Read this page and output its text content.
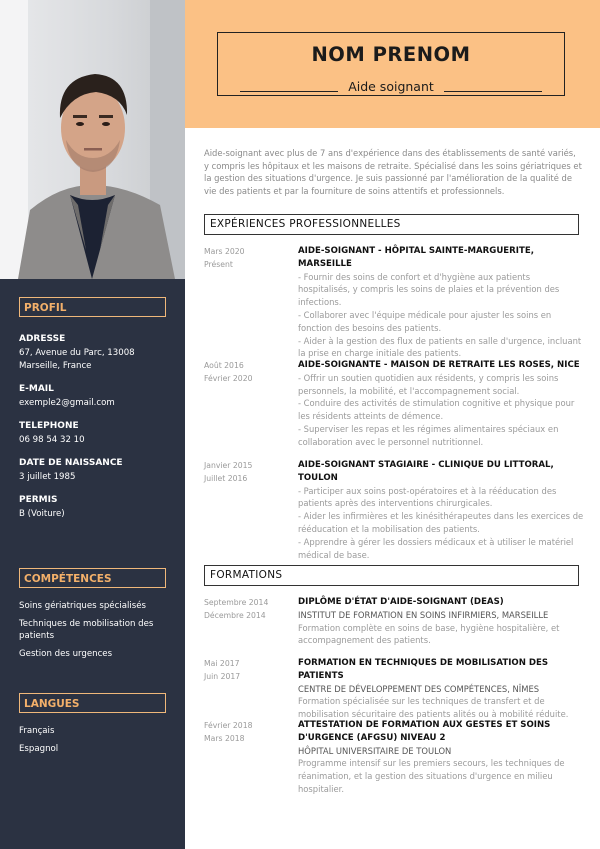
PROFIL
ADRESSE
67, Avenue du Parc, 13008
Marseille, France
E-MAIL
exemple2@gmail.com
TELEPHONE
06 98 54 32 10
DATE DE NAISSANCE
3 juillet 1985
PERMIS
B (Voiture)
COMPÉTENCES
Soins gériatriques spécialisés
Techniques de mobilisation des
patients
Gestion des urgences
LANGUES
Français
Espagnol
NOM PRENOM
Aide soignant
Aide-soignant avec plus de 7 ans d'expérience dans des établissements de santé variés, y compris les hôpitaux et les maisons de retraite. Spécialisé dans les soins gériatriques et la gestion des situations d'urgence. Je suis passionné par l'amélioration de la qualité de vie des patients et par la fourniture de soins attentifs et professionnels.
EXPÉRIENCES PROFESSIONNELLES
Mars 2020
Présent
AIDE-SOIGNANT - HÔPITAL SAINTE-MARGUERITE, MARSEILLE
- Fournir des soins de confort et d'hygiène aux patients
hospitalisés, y compris les soins de plaies et la prévention des
infections.
- Collaborer avec l'équipe médicale pour ajuster les soins en
fonction des besoins des patients.
- Aider à la gestion des flux de patients en salle d'urgence, incluant
la prise en charge initiale des patients.
Août 2016
Février 2020
AIDE-SOIGNANTE - MAISON DE RETRAITE LES ROSES, NICE
- Offrir un soutien quotidien aux résidents, y compris les soins
personnels, la mobilité, et l'accompagnement social.
- Conduire des activités de stimulation cognitive et physique pour
les résidents atteints de démence.
- Superviser les repas et les régimes alimentaires spéciaux en
collaboration avec le personnel nutritionnel.
Janvier 2015
Juillet 2016
AIDE-SOIGNANT STAGIAIRE - CLINIQUE DU LITTORAL, TOULON
- Participer aux soins post-opératoires et à la rééducation des
patients après des interventions chirurgicales.
- Aider les infirmières et les kinésithérapeutes dans les exercices de
rééducation et la mobilisation des patients.
- Apprendre à gérer les dossiers médicaux et à utiliser le matériel
médical de base.
FORMATIONS
Septembre 2014
Décembre 2014
DIPLÔME D'ÉTAT D'AIDE-SOIGNANT (DEAS)
INSTITUT DE FORMATION EN SOINS INFIRMIERS, MARSEILLE
Formation complète en soins de base, hygiène hospitalière, et
accompagnement des patients.
Mai 2017
Juin 2017
FORMATION EN TECHNIQUES DE MOBILISATION DES PATIENTS
CENTRE DE DÉVELOPPEMENT DES COMPÉTENCES, NÎMES
Formation spécialisée sur les techniques de transfert et de
mobilisation sécuritaire des patients alités ou à mobilité réduite.
Février 2018
Mars 2018
ATTESTATION DE FORMATION AUX GESTES ET SOINS
D'URGENCE (AFGSU) NIVEAU 2
HÔPITAL UNIVERSITAIRE DE TOULON
Programme intensif sur les premiers secours, les techniques de
réanimation, et la gestion des situations d'urgence en milieu
hospitalier.
